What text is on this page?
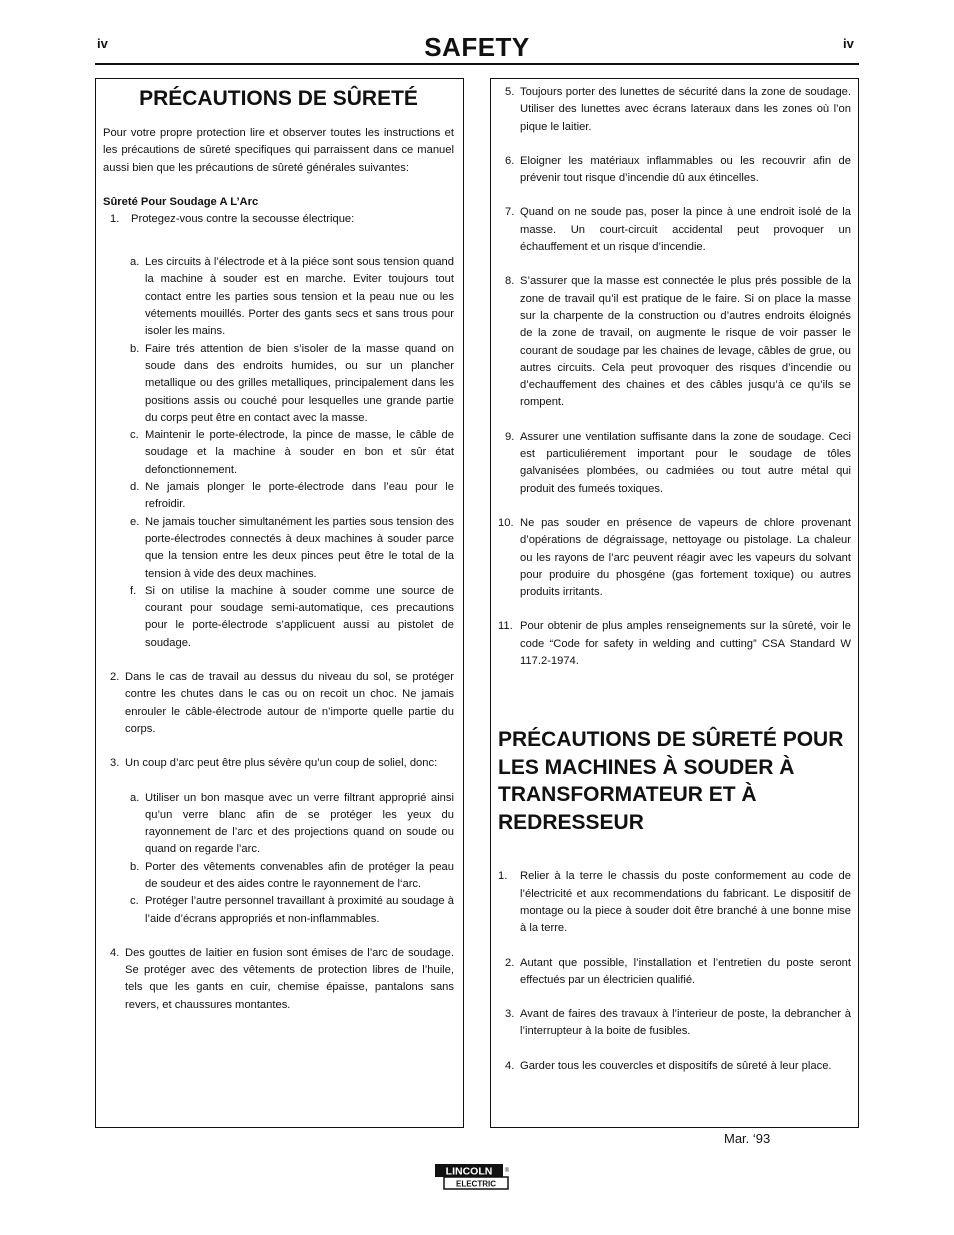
iv	SAFETY	iv

PRÉCAUTIONS DE SÛRETÉ

Pour votre propre protection lire et observer toutes les instructions et les précautions de sûreté specifiques qui parraissent dans ce manuel aussi bien que les précautions de sûreté générales suivantes:

Sûreté Pour Soudage A L’Arc

1. Protegez-vous contre la secousse électrique:
a. Les circuits à l’électrode et à la piéce sont sous tension quand la machine à souder est en marche. Eviter toujours tout contact entre les parties sous tension et la peau nue ou les vétements mouillés. Porter des gants secs et sans trous pour isoler les mains.
b. Faire trés attention de bien s’isoler de la masse quand on soude dans des endroits humides, ou sur un plancher metallique ou des grilles metalliques, principalement dans les positions assis ou couché pour lesquelles une grande partie du corps peut être en contact avec la masse.
c. Maintenir le porte-électrode, la pince de masse, le câble de soudage et la machine à souder en bon et sûr état defonctionnement.
d. Ne jamais plonger le porte-électrode dans l’eau pour le refroidir.
e. Ne jamais toucher simultanément les parties sous tension des porte-électrodes connectés à deux machines à souder parce que la tension entre les deux pinces peut être le total de la tension à vide des deux machines.
f. Si on utilise la machine à souder comme une source de courant pour soudage semi-automatique, ces precautions pour le porte-électrode s’applicuent aussi au pistolet de soudage.
2. Dans le cas de travail au dessus du niveau du sol, se protéger contre les chutes dans le cas ou on recoit un choc. Ne jamais enrouler le câble-électrode autour de n’importe quelle partie du corps.
3. Un coup d’arc peut être plus sévère qu’un coup de soliel, donc:
a. Utiliser un bon masque avec un verre filtrant approprié ainsi qu’un verre blanc afin de se protéger les yeux du rayonnement de l’arc et des projections quand on soude ou quand on regarde l’arc.
b. Porter des vêtements convenables afin de protéger la peau de soudeur et des aides contre le rayonnement de l‘arc.
c. Protéger l’autre personnel travaillant à proximité au soudage à l’aide d’écrans appropriés et non-inflammables.
4. Des gouttes de laitier en fusion sont émises de l’arc de soudage. Se protéger avec des vêtements de protection libres de l’huile, tels que les gants en cuir, chemise épaisse, pantalons sans revers, et chaussures montantes.
5. Toujours porter des lunettes de sécurité dans la zone de soudage. Utiliser des lunettes avec écrans lateraux dans les zones où l’on pique le laitier.
6. Eloigner les matériaux inflammables ou les recouvrir afin de prévenir tout risque d’incendie dû aux étincelles.
7. Quand on ne soude pas, poser la pince à une endroit isolé de la masse. Un court-circuit accidental peut provoquer un échauffement et un risque d’incendie.
8. S’assurer que la masse est connectée le plus prés possible de la zone de travail qu’il est pratique de le faire. Si on place la masse sur la charpente de la construction ou d’autres endroits éloignés de la zone de travail, on augmente le risque de voir passer le courant de soudage par les chaines de levage, câbles de grue, ou autres circuits. Cela peut provoquer des risques d’incendie ou d’echauffement des chaines et des câbles jusqu’à ce qu’ils se rompent.
9. Assurer une ventilation suffisante dans la zone de soudage. Ceci est particuliérement important pour le soudage de tôles galvanisées plombées, ou cadmiées ou tout autre métal qui produit des fumeés toxiques.
10. Ne pas souder en présence de vapeurs de chlore provenant d’opérations de dégraissage, nettoyage ou pistolage. La chaleur ou les rayons de l’arc peuvent réagir avec les vapeurs du solvant pour produire du phosgéne (gas fortement toxique) ou autres produits irritants.
11. Pour obtenir de plus amples renseignements sur la sûreté, voir le code “Code for safety in welding and cutting” CSA Standard W 117.2-1974.

PRÉCAUTIONS DE SÛRETÉ POUR LES MACHINES À SOUDER À TRANSFORMATEUR ET À REDRESSEUR

1. Relier à la terre le chassis du poste conformement au code de l’électricité et aux recommendations du fabricant. Le dispositif de montage ou la piece à souder doit être branché à une bonne mise à la terre.
2. Autant que possible, l’installation et l’entretien du poste seront effectués par un électricien qualifié.
3. Avant de faires des travaux à l’interieur de poste, la debrancher à l’interrupteur à la boite de fusibles.
4. Garder tous les couvercles et dispositifs de sûreté à leur place.
Mar. ‘93
LINCOLN
ELECTRIC
®
